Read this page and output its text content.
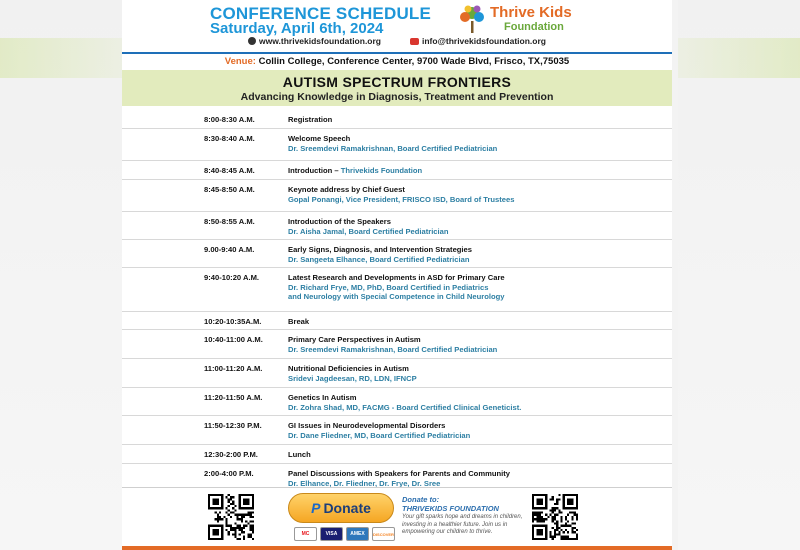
CONFERENCE SCHEDULE
Saturday, April 6th, 2024
www.thrivekidsfoundation.org	info@thrivekidsfoundation.org
Thrive Kids
Foundation
Venue: Collin College, Conference Center, 9700 Wade Blvd, Frisco, TX,75035
AUTISM SPECTRUM FRONTIERS
Advancing Knowledge in Diagnosis, Treatment and Prevention
8:00-8:30 A.M.	Registration
8:30-8:40 A.M.	Welcome Speech
Dr. Sreemdevi Ramakrishnan, Board Certified Pediatrician
8:40-8:45 A.M.	Introduction – Thrivekids Foundation
8:45-8:50 A.M.	Keynote address by Chief Guest
Gopal Ponangi, Vice President, FRISCO ISD, Board of Trustees
8:50-8:55 A.M.	Introduction of the Speakers
Dr. Aisha Jamal, Board Certified Pediatrician
9.00-9:40 A.M.	Early Signs, Diagnosis, and Intervention Strategies
Dr. Sangeeta Elhance, Board Certified Pediatrician
9:40-10:20 A.M.	Latest Research and Developments in ASD for Primary Care
Dr. Richard Frye, MD, PhD, Board Certified in Pediatrics
and Neurology with Special Competence in Child Neurology
10:20-10:35A.M.	Break
10:40-11:00 A.M.	Primary Care Perspectives in Autism
Dr. Sreemdevi Ramakrishnan, Board Certified Pediatrician
11:00-11:20 A.M.	Nutritional Deficiencies in Autism
Sridevi Jagdeesan, RD, LDN, IFNCP
11:20-11:50 A.M.	Genetics In Autism
Dr. Zohra Shad, MD, FACMG - Board Certified Clinical Geneticist.
11:50-12:30 P.M.	GI Issues in Neurodevelopmental Disorders
Dr. Dane Fliedner, MD, Board Certified Pediatrician
12:30-2:00 P.M.	Lunch
2:00-4:00 P.M.	Panel Discussions with Speakers for Parents and Community
Dr. Elhance, Dr. Fliedner, Dr. Frye, Dr. Sree
P Donate
MC	VISA	AMEX	DISCOVER
Donate to:
THRIVEKIDS FOUNDATION
Your gift sparks hope and dreams in children, investing in a healthier future. Join us in empowering our children to thrive.
